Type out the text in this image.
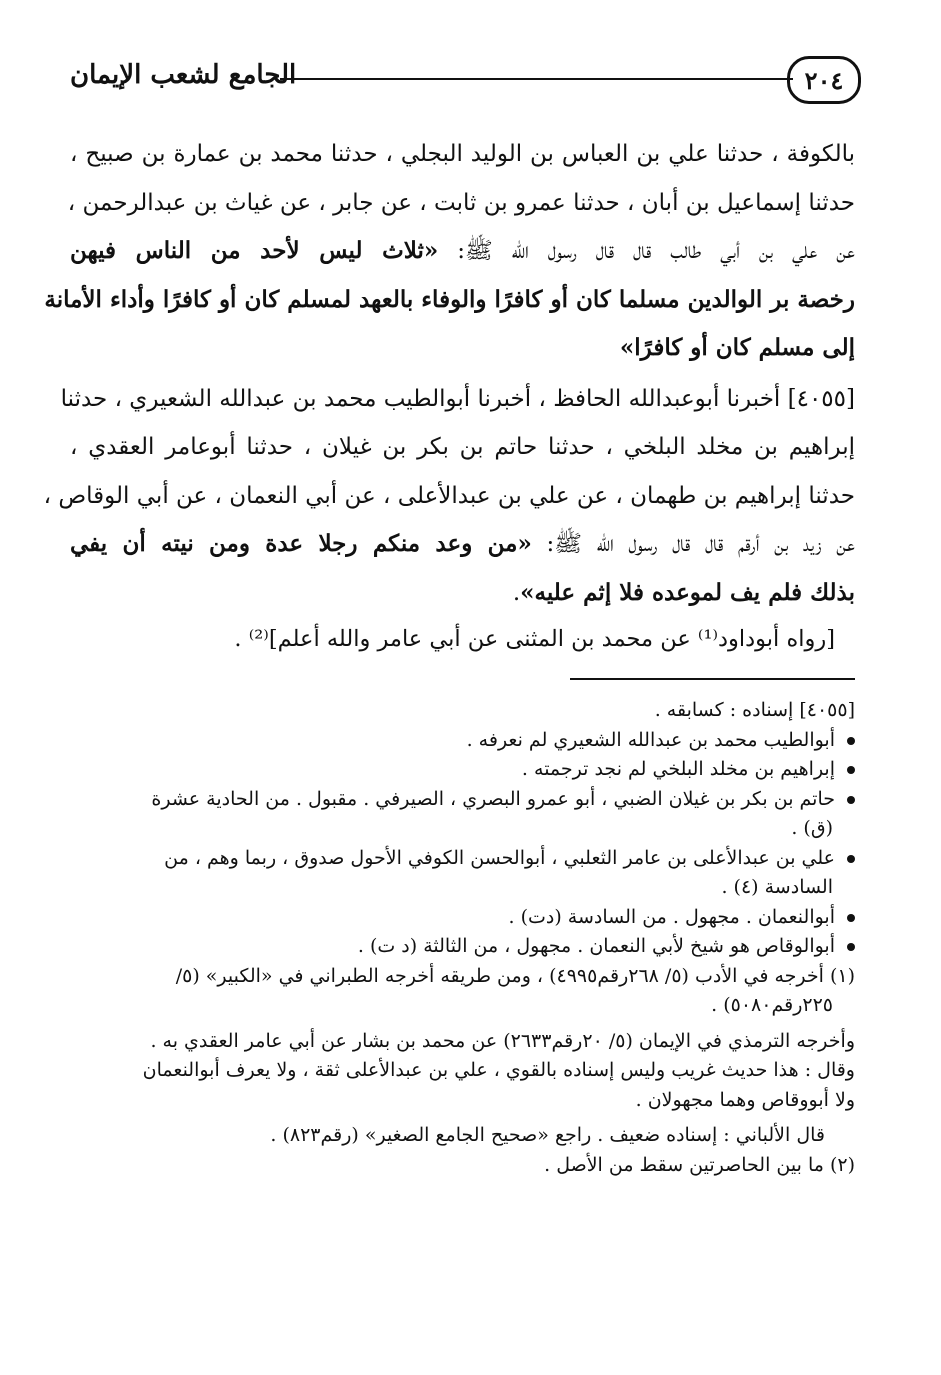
٢٠٤
الجامع لشعب الإيمان
بالكوفة ، حدثنا علي بن العباس بن الوليد البجلي ، حدثنا محمد بن عمارة بن صبيح ،
حدثنا إسماعيل بن أبان ، حدثنا عمرو بن ثابت ، عن جابر ، عن غياث بن عبدالرحمن ،
عن علي بن أبي طالب قال قال رسول الله ﷺ: «ثلاث ليس لأحد من الناس فيهن
رخصة بر الوالدين مسلما كان أو كافرًا والوفاء بالعهد لمسلم كان أو كافرًا وأداء الأمانة
إلى مسلم كان أو كافرًا»
[٤٠٥٥] أخبرنا أبوعبدالله الحافظ ، أخبرنا أبوالطيب محمد بن عبدالله الشعيري ، حدثنا
إبراهيم بن مخلد البلخي ، حدثنا حاتم بن بكر بن غيلان ، حدثنا أبوعامر العقدي ،
حدثنا إبراهيم بن طهمان ، عن علي بن عبدالأعلى ، عن أبي النعمان ، عن أبي الوقاص ،
عن زيد بن أرقم قال قال رسول الله ﷺ: «من وعد منكم رجلا عدة ومن نيته أن يفي
بذلك فلم يف لموعده فلا إثم عليه».
[رواه أبوداود⁽¹⁾ عن محمد بن المثنى عن أبي عامر والله أعلم]⁽²⁾ .
[٤٠٥٥] إسناده : كسابقه .
أبوالطيب محمد بن عبدالله الشعيري لم نعرفه .
إبراهيم بن مخلد البلخي لم نجد ترجمته .
حاتم بن بكر بن غيلان الضبي ، أبو عمرو البصري ، الصيرفي . مقبول . من الحادية عشرة
(ق) .
علي بن عبدالأعلى بن عامر الثعلبي ، أبوالحسن الكوفي الأحول صدوق ، ربما وهم ، من
السادسة (٤) .
أبوالنعمان . مجهول . من السادسة (دت) .
أبوالوقاص هو شيخ لأبي النعمان . مجهول ، من الثالثة (د ت) .
(١) أخرجه في الأدب (٥/ ٢٦٨رقم٤٩٩٥) ، ومن طريقه أخرجه الطبراني في «الكبير» (٥/
٢٢٥رقم٥٠٨٠) .
وأخرجه الترمذي في الإيمان (٥/ ٢٠رقم٢٦٣٣) عن محمد بن بشار عن أبي عامر العقدي به .
وقال : هذا حديث غريب وليس إسناده بالقوي ، علي بن عبدالأعلى ثقة ، ولا يعرف أبوالنعمان
ولا أبووقاص وهما مجهولان .
قال الألباني : إسناده ضعيف . راجع «صحيح الجامع الصغير» (رقم٨٢٣) .
(٢) ما بين الحاصرتين سقط من الأصل .
